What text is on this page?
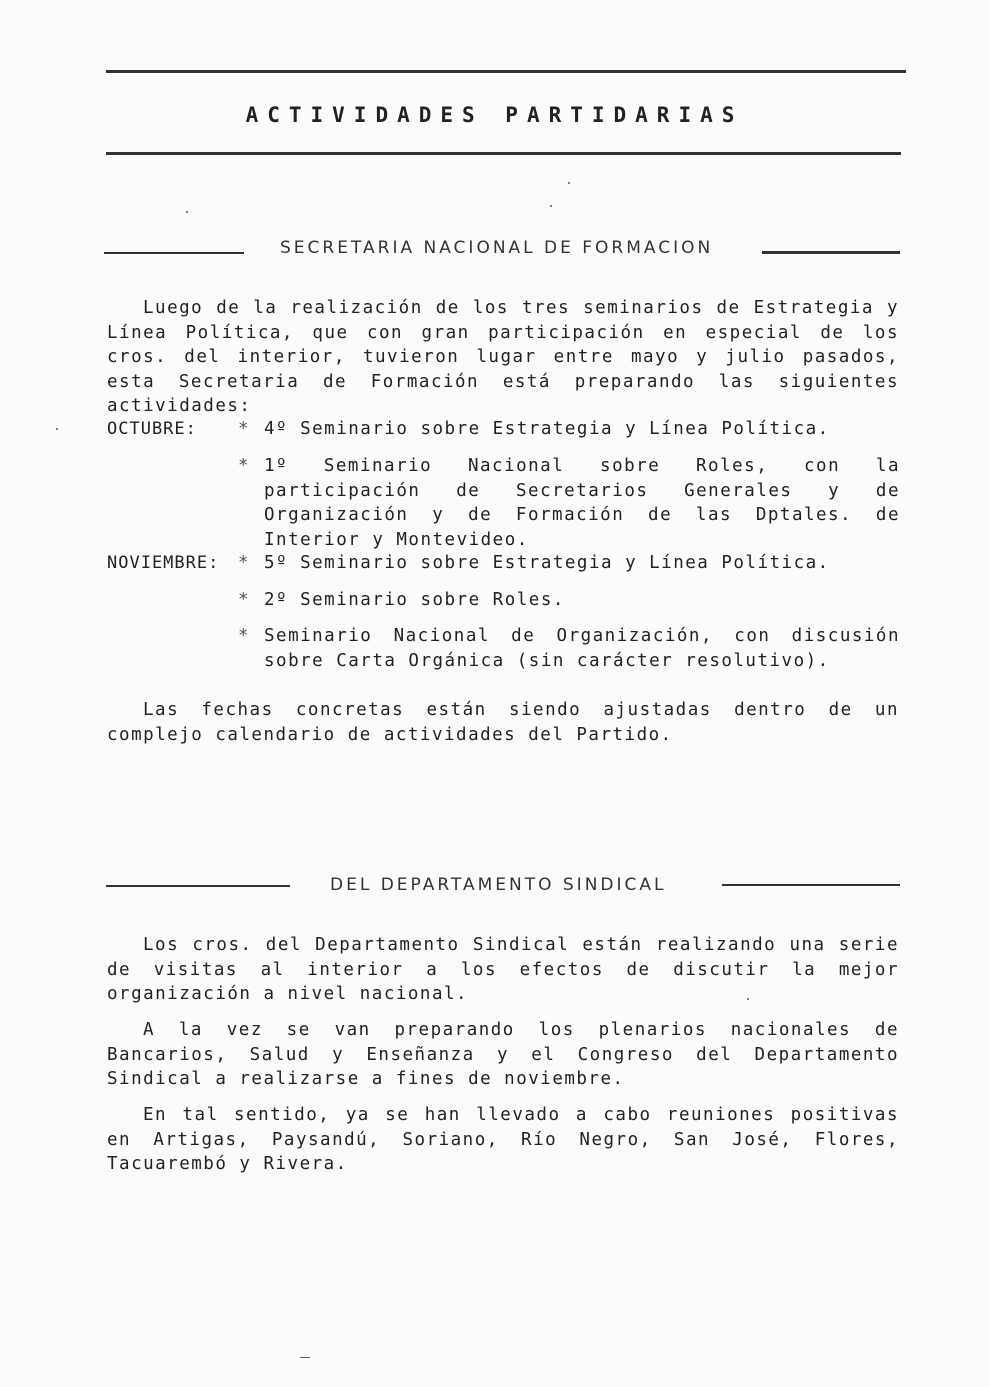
ACTIVIDADES PARTIDARIAS
SECRETARIA NACIONAL DE FORMACION
Luego de la realización de los tres seminarios de Estrategia y Línea Política, que con gran participación en especial de los cros. del interior, tuvieron lugar entre mayo y julio pasados, esta Secretaria de Formación está preparando las siguientes actividades:
OCTUBRE: * 4º Seminario sobre Estrategia y Línea Política.
* 1º Seminario Nacional sobre Roles, con la participación de Secretarios Generales y de Organización y de Formación de las Dptales. de Interior y Montevideo.
NOVIEMBRE: * 5º Seminario sobre Estrategia y Línea Política.
* 2º Seminario sobre Roles.
* Seminario Nacional de Organización, con discusión sobre Carta Orgánica (sin carácter resolutivo).
Las fechas concretas están siendo ajustadas dentro de un complejo calendario de actividades del Partido.
DEL DEPARTAMENTO SINDICAL
Los cros. del Departamento Sindical están realizando una serie de visitas al interior a los efectos de discutir la mejor organización a nivel nacional.
A la vez se van preparando los plenarios nacionales de Bancarios, Salud y Enseñanza y el Congreso del Departamento Sindical a realizarse a fines de noviembre.
En tal sentido, ya se han llevado a cabo reuniones positivas en Artigas, Paysandú, Soriano, Río Negro, San José, Flores, Tacuarembó y Rivera.
